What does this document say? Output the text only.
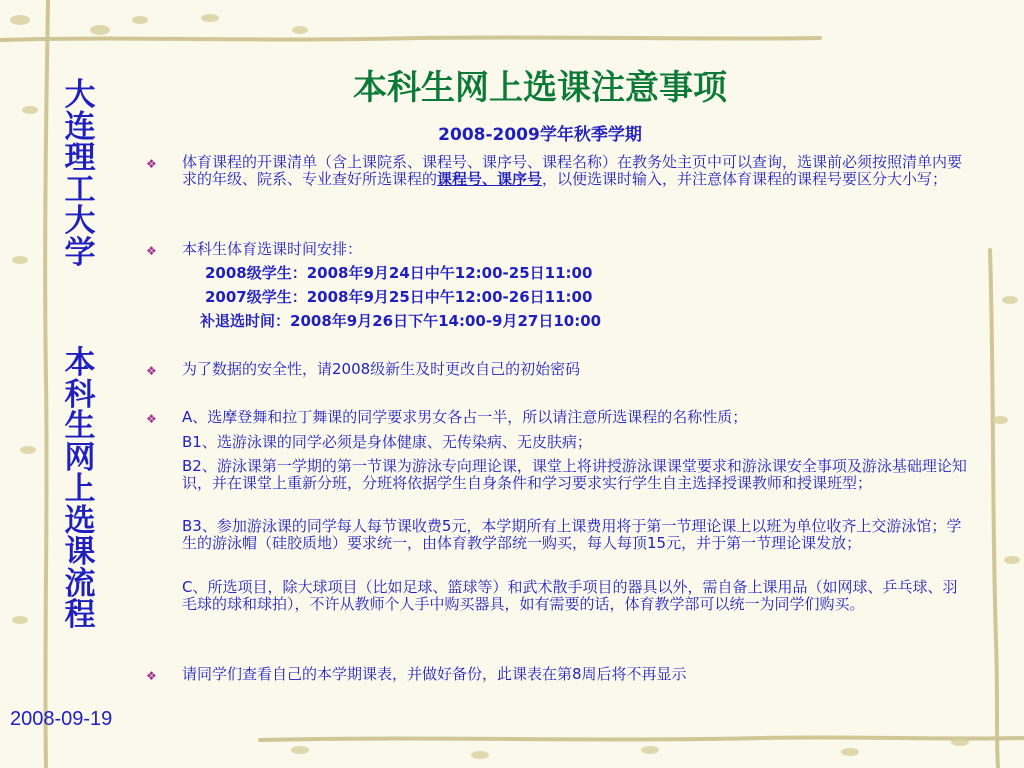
大连理工大学
本科生网上选课流程
2008-09-19
本科生网上选课注意事项
2008-2009学年秋季学期
❖ 体育课程的开课清单（含上课院系、课程号、课序号、课程名称）在教务处主页中可以查询，选课前必须按照清单内要求的年级、院系、专业查好所选课程的课程号、课序号，以便选课时输入，并注意体育课程的课程号要区分大小写；
❖ 本科生体育选课时间安排：
2008级学生：2008年9月24日中午12:00-25日11:00
2007级学生：2008年9月25日中午12:00-26日11:00
补退选时间：2008年9月26日下午14:00-9月27日10:00
❖ 为了数据的安全性，请2008级新生及时更改自己的初始密码
❖ A、选摩登舞和拉丁舞课的同学要求男女各占一半，所以请注意所选课程的名称性质；
B1、选游泳课的同学必须是身体健康、无传染病、无皮肤病；
B2、游泳课第一学期的第一节课为游泳专向理论课，课堂上将讲授游泳课课堂要求和游泳课安全事项及游泳基础理论知识，并在课堂上重新分班，分班将依据学生自身条件和学习要求实行学生自主选择授课教师和授课班型；
B3、参加游泳课的同学每人每节课收费5元，本学期所有上课费用将于第一节理论课上以班为单位收齐上交游泳馆；学生的游泳帽（硅胶质地）要求统一，由体育教学部统一购买，每人每顶15元，并于第一节理论课发放；
C、所选项目，除大球项目（比如足球、篮球等）和武术散手项目的器具以外，需自备上课用品（如网球、乒乓球、羽毛球的球和球拍），不许从教师个人手中购买器具，如有需要的话，体育教学部可以统一为同学们购买。
❖ 请同学们查看自己的本学期课表，并做好备份，此课表在第8周后将不再显示
